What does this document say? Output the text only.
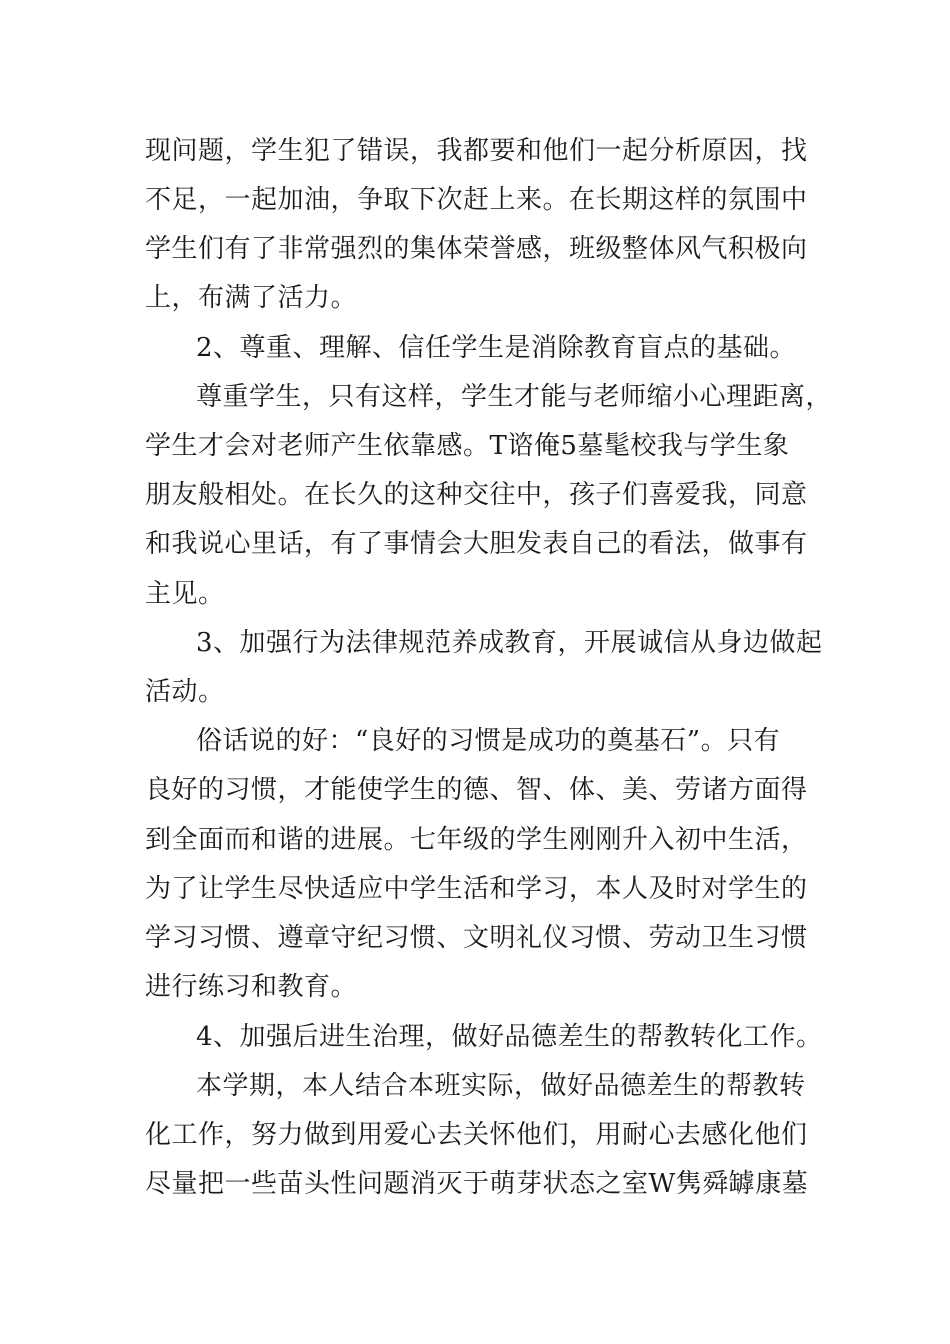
现问题，学生犯了错误，我都要和他们一起分析原因，找
不足，一起加油，争取下次赶上来。在长期这样的氛围中
学生们有了非常强烈的集体荣誉感，班级整体风气积极向
上，布满了活力。
2、尊重、理解、信任学生是消除教育盲点的基础。
尊重学生，只有这样，学生才能与老师缩小心理距离，
学生才会对老师产生依靠感。T谘俺5墓髦校我与学生象
朋友般相处。在长久的这种交往中，孩子们喜爱我，同意
和我说心里话，有了事情会大胆发表自己的看法，做事有
主见。
3、加强行为法律规范养成教育，开展诚信从身边做起
活动。
俗话说的好：“良好的习惯是成功的奠基石”。只有
良好的习惯，才能使学生的德、智、体、美、劳诸方面得
到全面而和谐的进展。七年级的学生刚刚升入初中生活，
为了让学生尽快适应中学生活和学习，本人及时对学生的
学习习惯、遵章守纪习惯、文明礼仪习惯、劳动卫生习惯
进行练习和教育。
4、加强后进生治理，做好品德差生的帮教转化工作。
本学期，本人结合本班实际，做好品德差生的帮教转
化工作，努力做到用爱心去关怀他们，用耐心去感化他们
尽量把一些苗头性问题消灭于萌芽状态之室W隽舜罅康墓
